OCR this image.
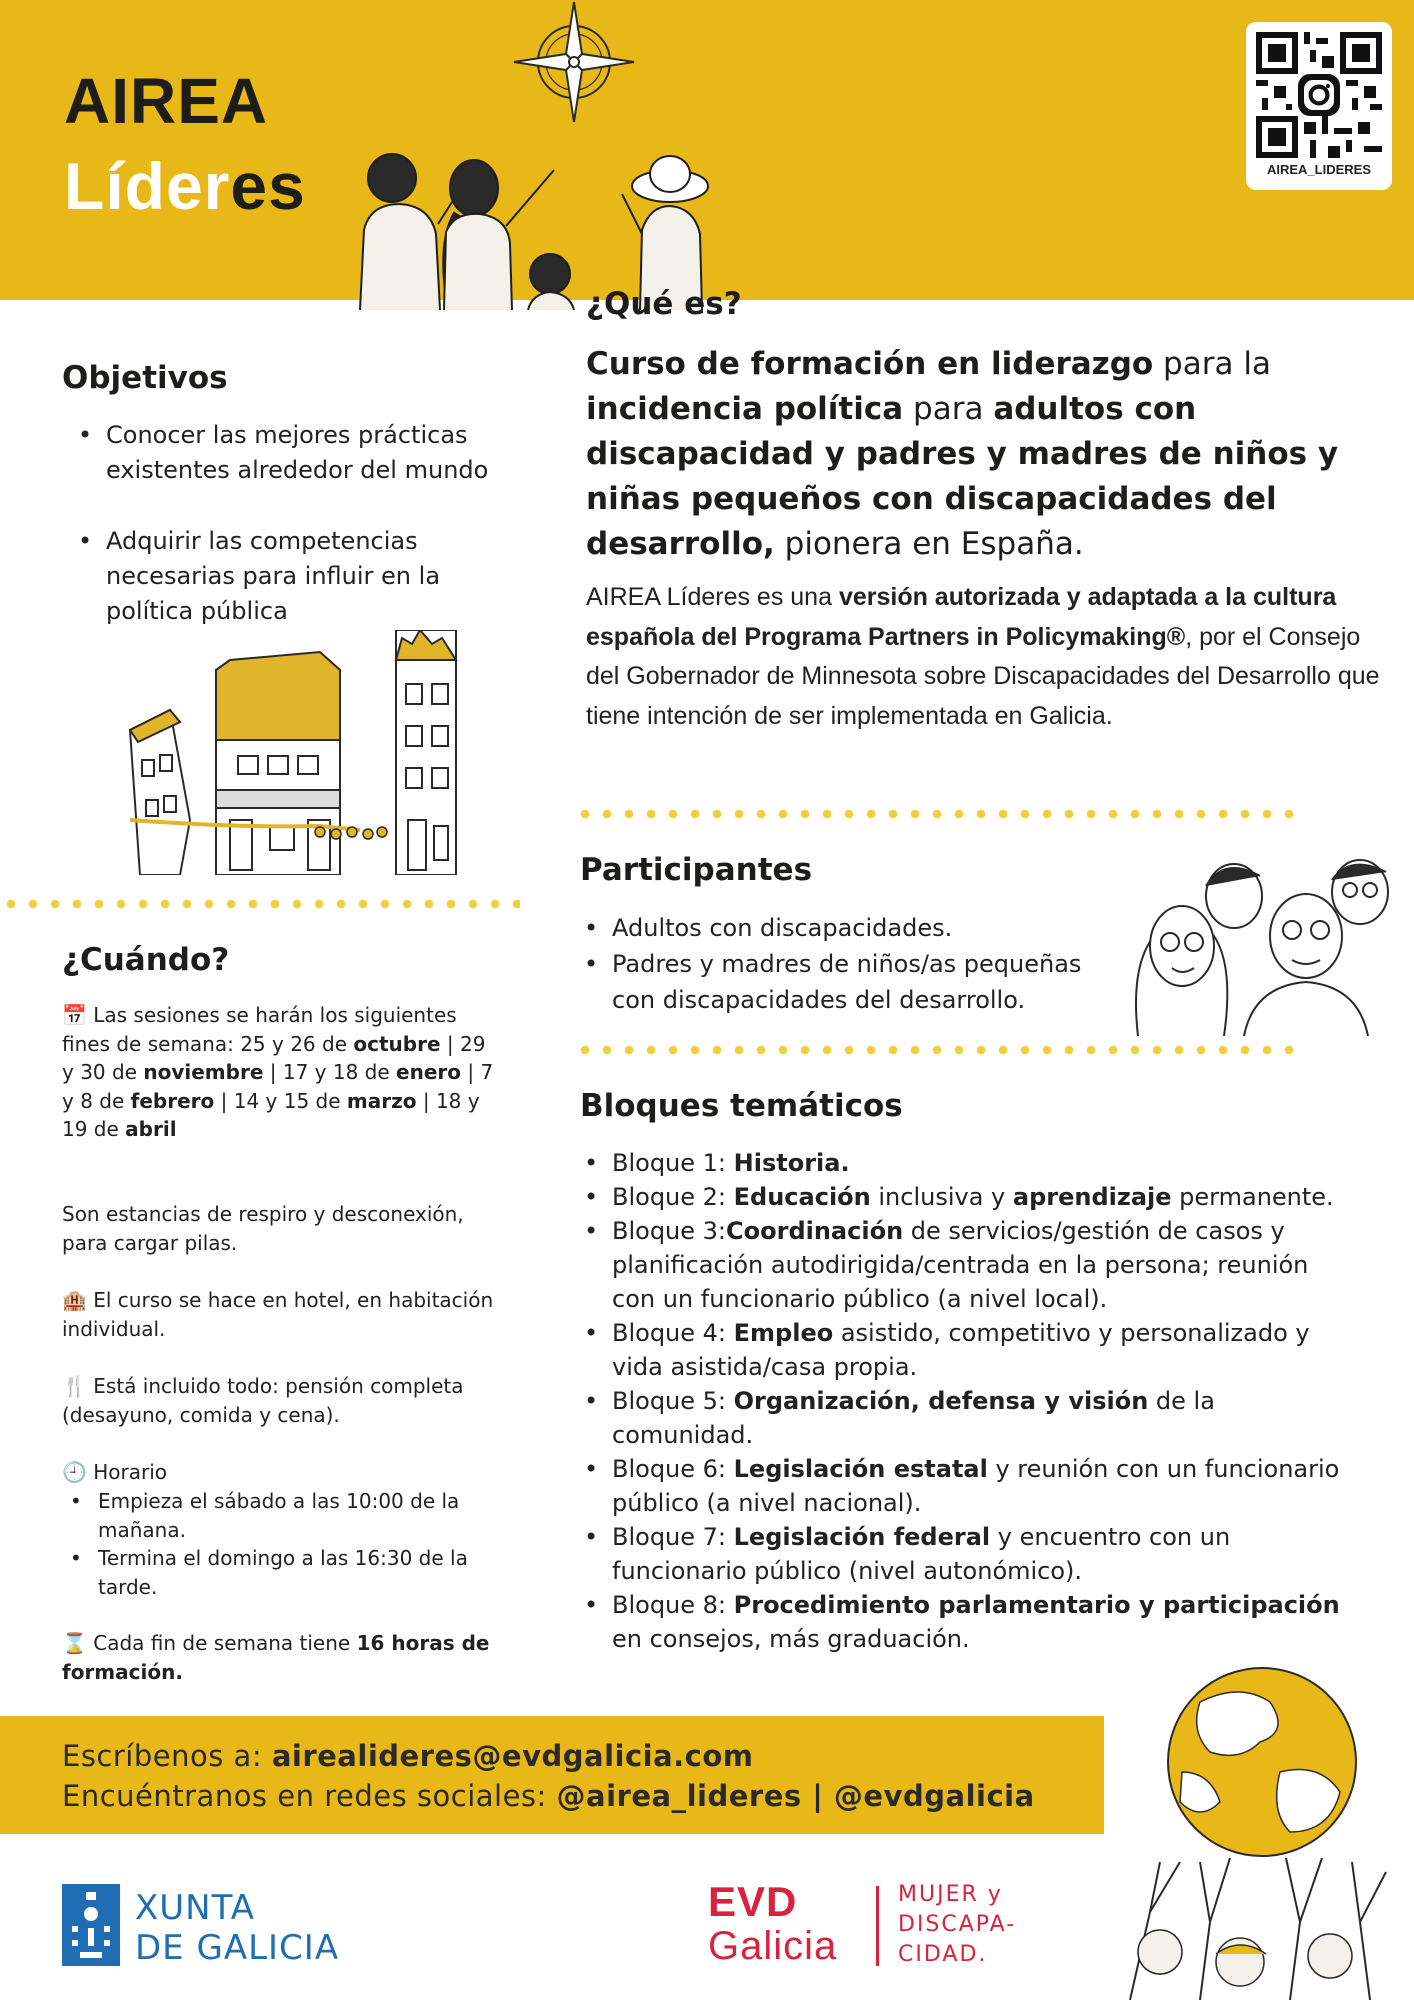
AIREA
Líderes	AIREA_LIDERES
Objetivos
• Conocer las mejores prácticas existentes alrededor del mundo
• Adquirir las competencias necesarias para influir en la política pública
¿Qué es?
Curso de formación en liderazgo para la incidencia política para adultos con discapacidad y padres y madres de niños y niñas pequeños con discapacidades del desarrollo, pionera en España.
AIREA Líderes es una versión autorizada y adaptada a la cultura española del Programa Partners in Policymaking®, por el Consejo del Gobernador de Minnesota sobre Discapacidades del Desarrollo que tiene intención de ser implementada en Galicia.
Participantes
• Adultos con discapacidades.
• Padres y madres de niños/as pequeñas con discapacidades del desarrollo.
¿Cuándo?
📅 Las sesiones se harán los siguientes fines de semana: 25 y 26 de octubre | 29 y 30 de noviembre | 17 y 18 de enero | 7 y 8 de febrero | 14 y 15 de marzo | 18 y 19 de abril
Son estancias de respiro y desconexión, para cargar pilas.
🏨 El curso se hace en hotel, en habitación individual.
🍴 Está incluido todo: pensión completa (desayuno, comida y cena).
🕘 Horario
• Empieza el sábado a las 10:00 de la mañana.
• Termina el domingo a las 16:30 de la tarde.
⌛ Cada fin de semana tiene 16 horas de formación.
Bloques temáticos
• Bloque 1: Historia.
• Bloque 2: Educación inclusiva y aprendizaje permanente.
• Bloque 3:Coordinación de servicios/gestión de casos y planificación autodirigida/centrada en la persona; reunión con un funcionario público (a nivel local).
• Bloque 4: Empleo asistido, competitivo y personalizado y vida asistida/casa propia.
• Bloque 5: Organización, defensa y visión de la comunidad.
• Bloque 6: Legislación estatal y reunión con un funcionario público (a nivel nacional).
• Bloque 7: Legislación federal y encuentro con un funcionario público (nivel autonómico).
• Bloque 8: Procedimiento parlamentario y participación en consejos, más graduación.
Escríbenos a: airealideres@evdgalicia.com
Encuéntranos en redes sociales: @airea_lideres | @evdgalicia
XUNTA
DE GALICIA
EVD
Galicia
MUJER y
DISCAPA-
CIDAD.
